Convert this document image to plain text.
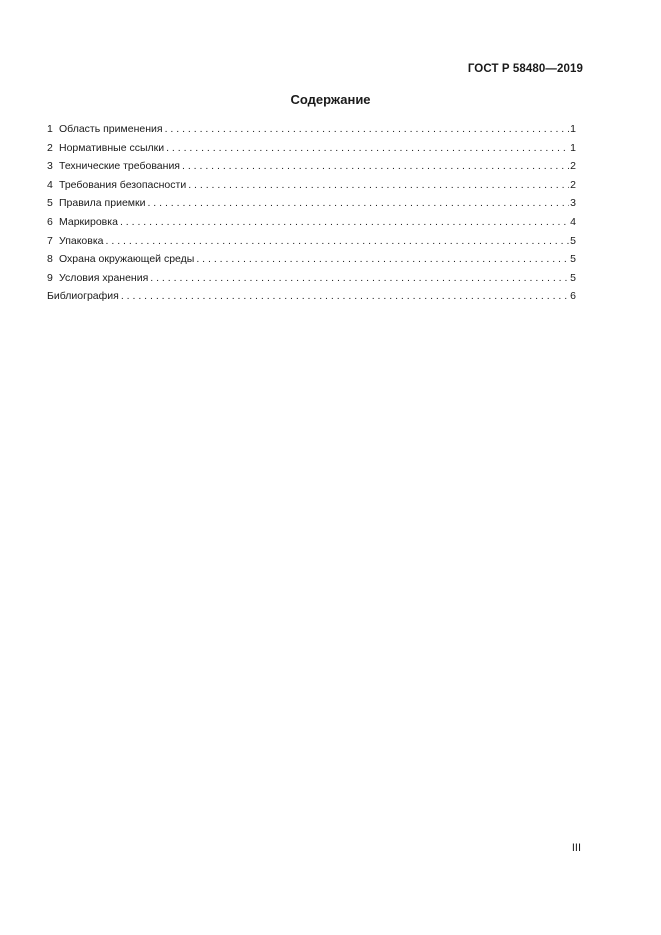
ГОСТ Р 58480—2019
Содержание
1 Область применения . . .	1
2 Нормативные ссылки . . .	1
3 Технические требования . . .	2
4 Требования безопасности . . .	2
5 Правила приемки . . .	3
6 Маркировка . . .	4
7 Упаковка . . .	5
8 Охрана окружающей среды . . .	5
9 Условия хранения . . .	5
Библиография . . .	6
III
